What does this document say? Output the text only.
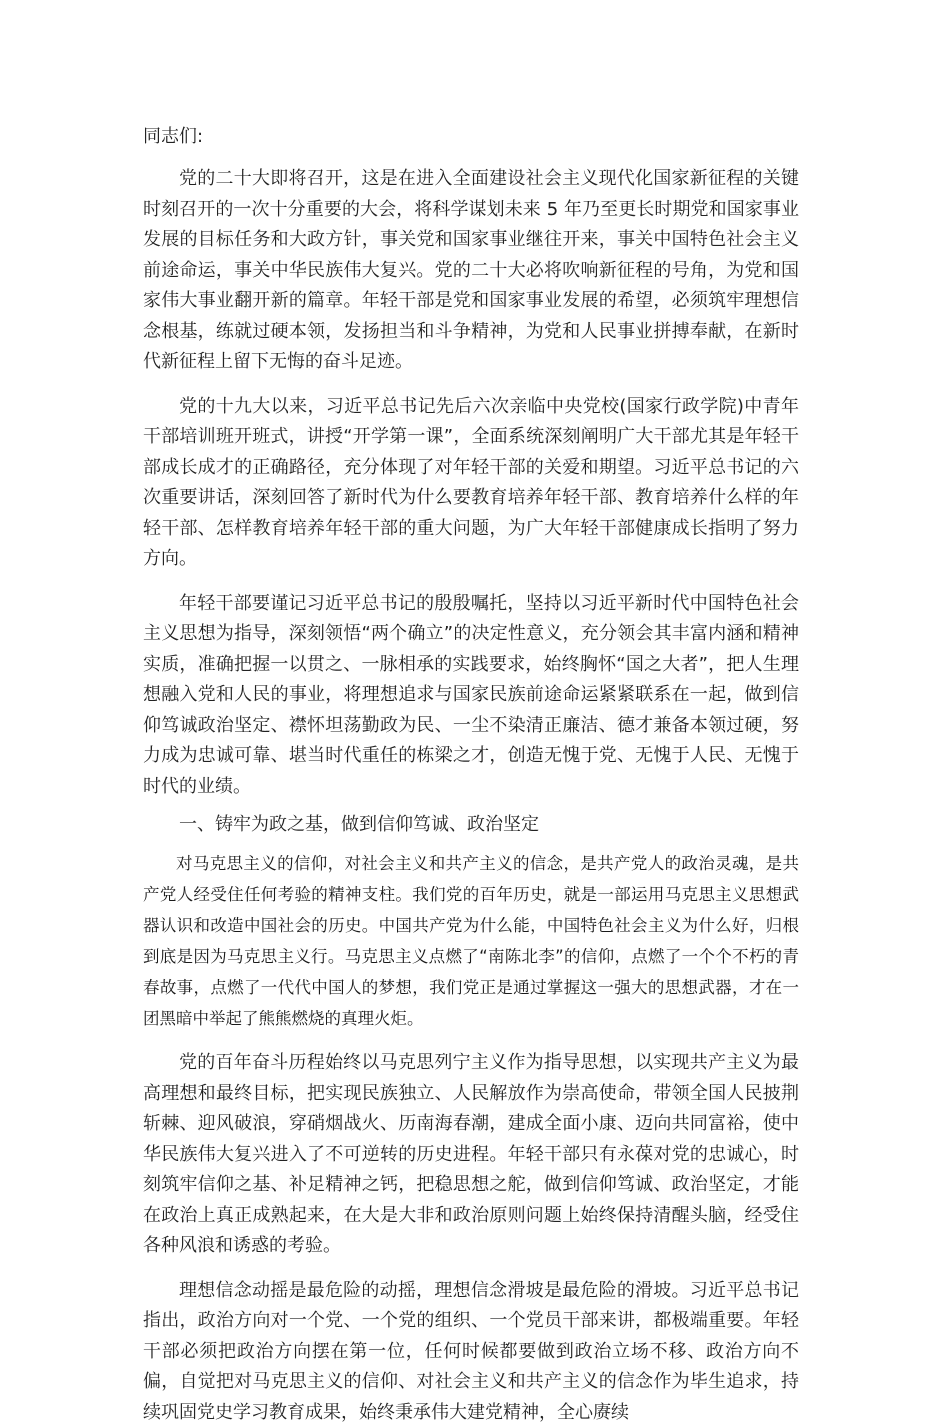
同志们:

党的二十大即将召开，这是在进入全面建设社会主义现代化国家新征程的关键时刻召开的一次十分重要的大会，将科学谋划未来 5 年乃至更长时期党和国家事业发展的目标任务和大政方针，事关党和国家事业继往开来，事关中国特色社会主义前途命运，事关中华民族伟大复兴。党的二十大必将吹响新征程的号角，为党和国家伟大事业翻开新的篇章。年轻干部是党和国家事业发展的希望，必须筑牢理想信念根基，练就过硬本领，发扬担当和斗争精神，为党和人民事业拼搏奉献，在新时代新征程上留下无悔的奋斗足迹。

党的十九大以来，习近平总书记先后六次亲临中央党校(国家行政学院)中青年干部培训班开班式，讲授“开学第一课”，全面系统深刻阐明广大干部尤其是年轻干部成长成才的正确路径，充分体现了对年轻干部的关爱和期望。习近平总书记的六次重要讲话，深刻回答了新时代为什么要教育培养年轻干部、教育培养什么样的年轻干部、怎样教育培养年轻干部的重大问题，为广大年轻干部健康成长指明了努力方向。

年轻干部要谨记习近平总书记的殷殷嘱托，坚持以习近平新时代中国特色社会主义思想为指导，深刻领悟“两个确立”的决定性意义，充分领会其丰富内涵和精神实质，准确把握一以贯之、一脉相承的实践要求，始终胸怀“国之大者”，把人生理想融入党和人民的事业，将理想追求与国家民族前途命运紧紧联系在一起，做到信仰笃诚政治坚定、襟怀坦荡勤政为民、一尘不染清正廉洁、德才兼备本领过硬，努力成为忠诚可靠、堪当时代重任的栋梁之才，创造无愧于党、无愧于人民、无愧于时代的业绩。

一、铸牢为政之基，做到信仰笃诚、政治坚定

对马克思主义的信仰，对社会主义和共产主义的信念，是共产党人的政治灵魂，是共产党人经受住任何考验的精神支柱。我们党的百年历史，就是一部运用马克思主义思想武器认识和改造中国社会的历史。中国共产党为什么能，中国特色社会主义为什么好，归根到底是因为马克思主义行。马克思主义点燃了“南陈北李”的信仰，点燃了一个个不朽的青春故事，点燃了一代代中国人的梦想，我们党正是通过掌握这一强大的思想武器，才在一团黑暗中举起了熊熊燃烧的真理火炬。

党的百年奋斗历程始终以马克思列宁主义作为指导思想，以实现共产主义为最高理想和最终目标，把实现民族独立、人民解放作为崇高使命，带领全国人民披荆斩棘、迎风破浪，穿硝烟战火、历南海春潮，建成全面小康、迈向共同富裕，使中华民族伟大复兴进入了不可逆转的历史进程。年轻干部只有永葆对党的忠诚心，时刻筑牢信仰之基、补足精神之钙，把稳思想之舵，做到信仰笃诚、政治坚定，才能在政治上真正成熟起来，在大是大非和政治原则问题上始终保持清醒头脑，经受住各种风浪和诱惑的考验。

理想信念动摇是最危险的动摇，理想信念滑坡是最危险的滑坡。习近平总书记指出，政治方向对一个党、一个党的组织、一个党员干部来讲，都极端重要。年轻干部必须把政治方向摆在第一位，任何时候都要做到政治立场不移、政治方向不偏，自觉把对马克思主义的信仰、对社会主义和共产主义的信念作为毕生追求，持续巩固党史学习教育成果，始终秉承伟大建党精神，全心赓续
